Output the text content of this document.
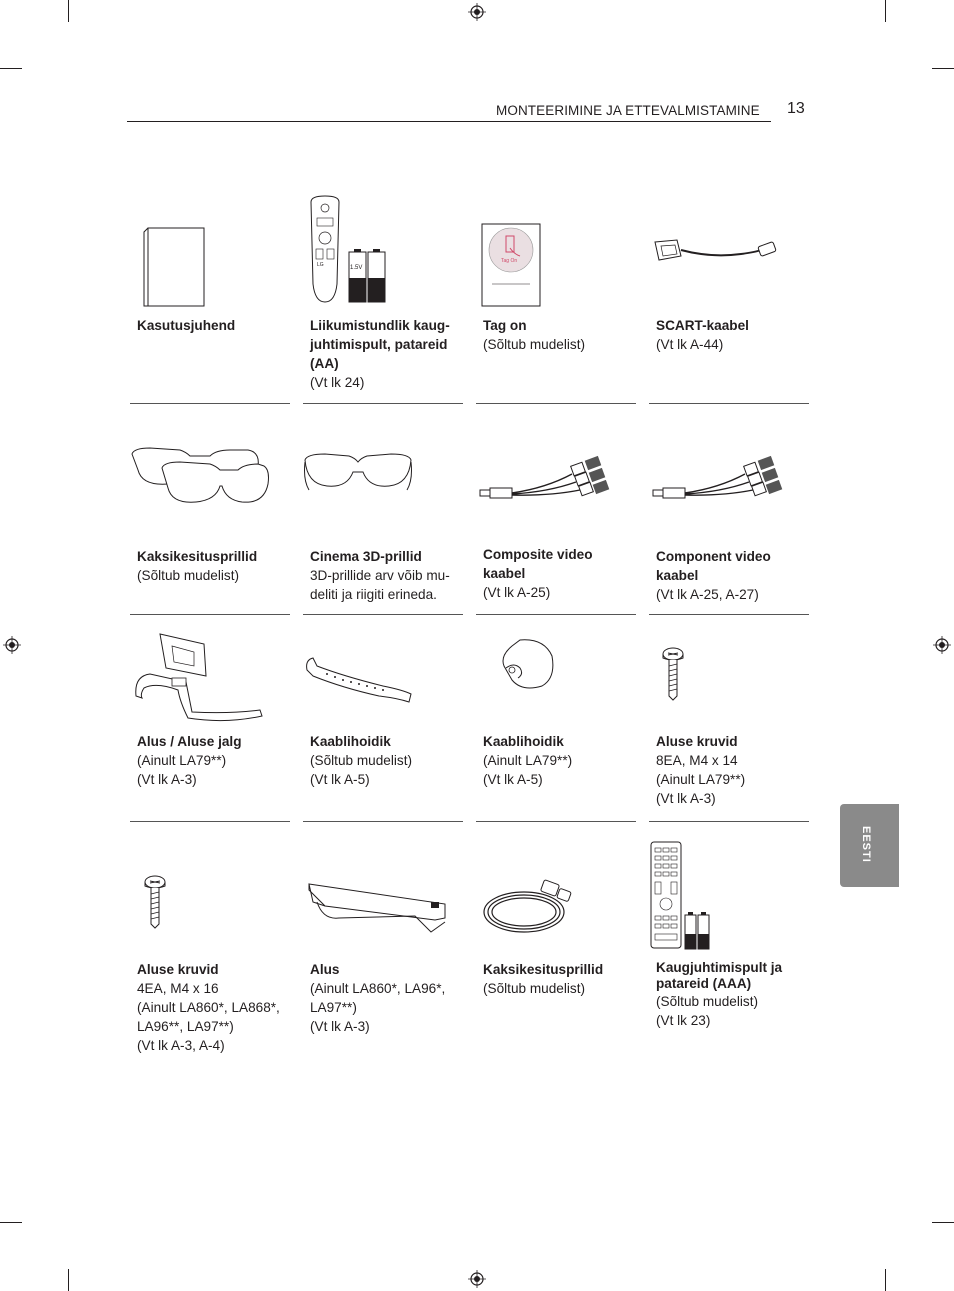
MONTEERIMINE JA ETTEVALMISTAMINE 13
EESTI
Kasutusjuhend
LG	1.5V
Liikumistundlik kaug-juhtimispult, patareid (AA)
(Vt lk 24)
Tag On
Tag on
(Sõltub mudelist)
SCART-kaabel
(Vt lk A-44)
Kaksikesitusprillid
(Sõltub mudelist)
Cinema 3D-prillid
3D-prillide arv võib mu-deliti ja riigiti erineda.
Composite video kaabel
(Vt lk A-25)
Component video kaabel
(Vt lk A-25, A-27)
Alus / Aluse jalg
(Ainult LA79**)
(Vt lk A-3)
Kaablihoidik
(Sõltub mudelist)
(Vt lk A-5)
Kaablihoidik
(Ainult LA79**)
(Vt lk A-5)
Aluse kruvid
8EA, M4 x 14
(Ainult LA79**)
(Vt lk A-3)
Aluse kruvid
4EA, M4 x 16
(Ainult LA860*, LA868*, LA96**, LA97**)
(Vt lk A-3, A-4)
Alus
(Ainult LA860*, LA96*, LA97**)
(Vt lk A-3)
Kaksikesitusprillid
(Sõltub mudelist)
Kaugjuhtimispult ja patareid (AAA)
(Sõltub mudelist)
(Vt lk 23)
